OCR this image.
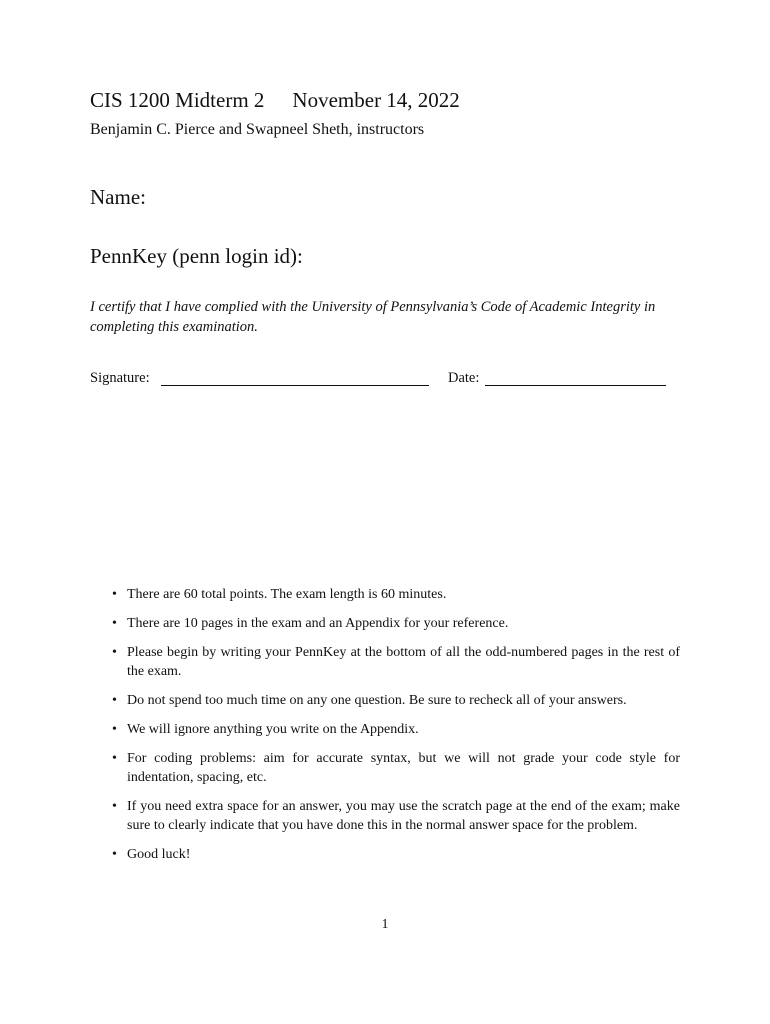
CIS 1200 Midterm 2 November 14, 2022
Benjamin C. Pierce and Swapneel Sheth, instructors
Name:
PennKey (penn login id):
I certify that I have complied with the University of Pennsylvania’s Code of Academic Integrity in completing this examination.
Signature:	Date:
• There are 60 total points. The exam length is 60 minutes.
• There are 10 pages in the exam and an Appendix for your reference.
• Please begin by writing your PennKey at the bottom of all the odd-numbered pages in the rest of the exam.
• Do not spend too much time on any one question. Be sure to recheck all of your answers.
• We will ignore anything you write on the Appendix.
• For coding problems: aim for accurate syntax, but we will not grade your code style for indentation, spacing, etc.
• If you need extra space for an answer, you may use the scratch page at the end of the exam; make sure to clearly indicate that you have done this in the normal answer space for the problem.
• Good luck!
1
